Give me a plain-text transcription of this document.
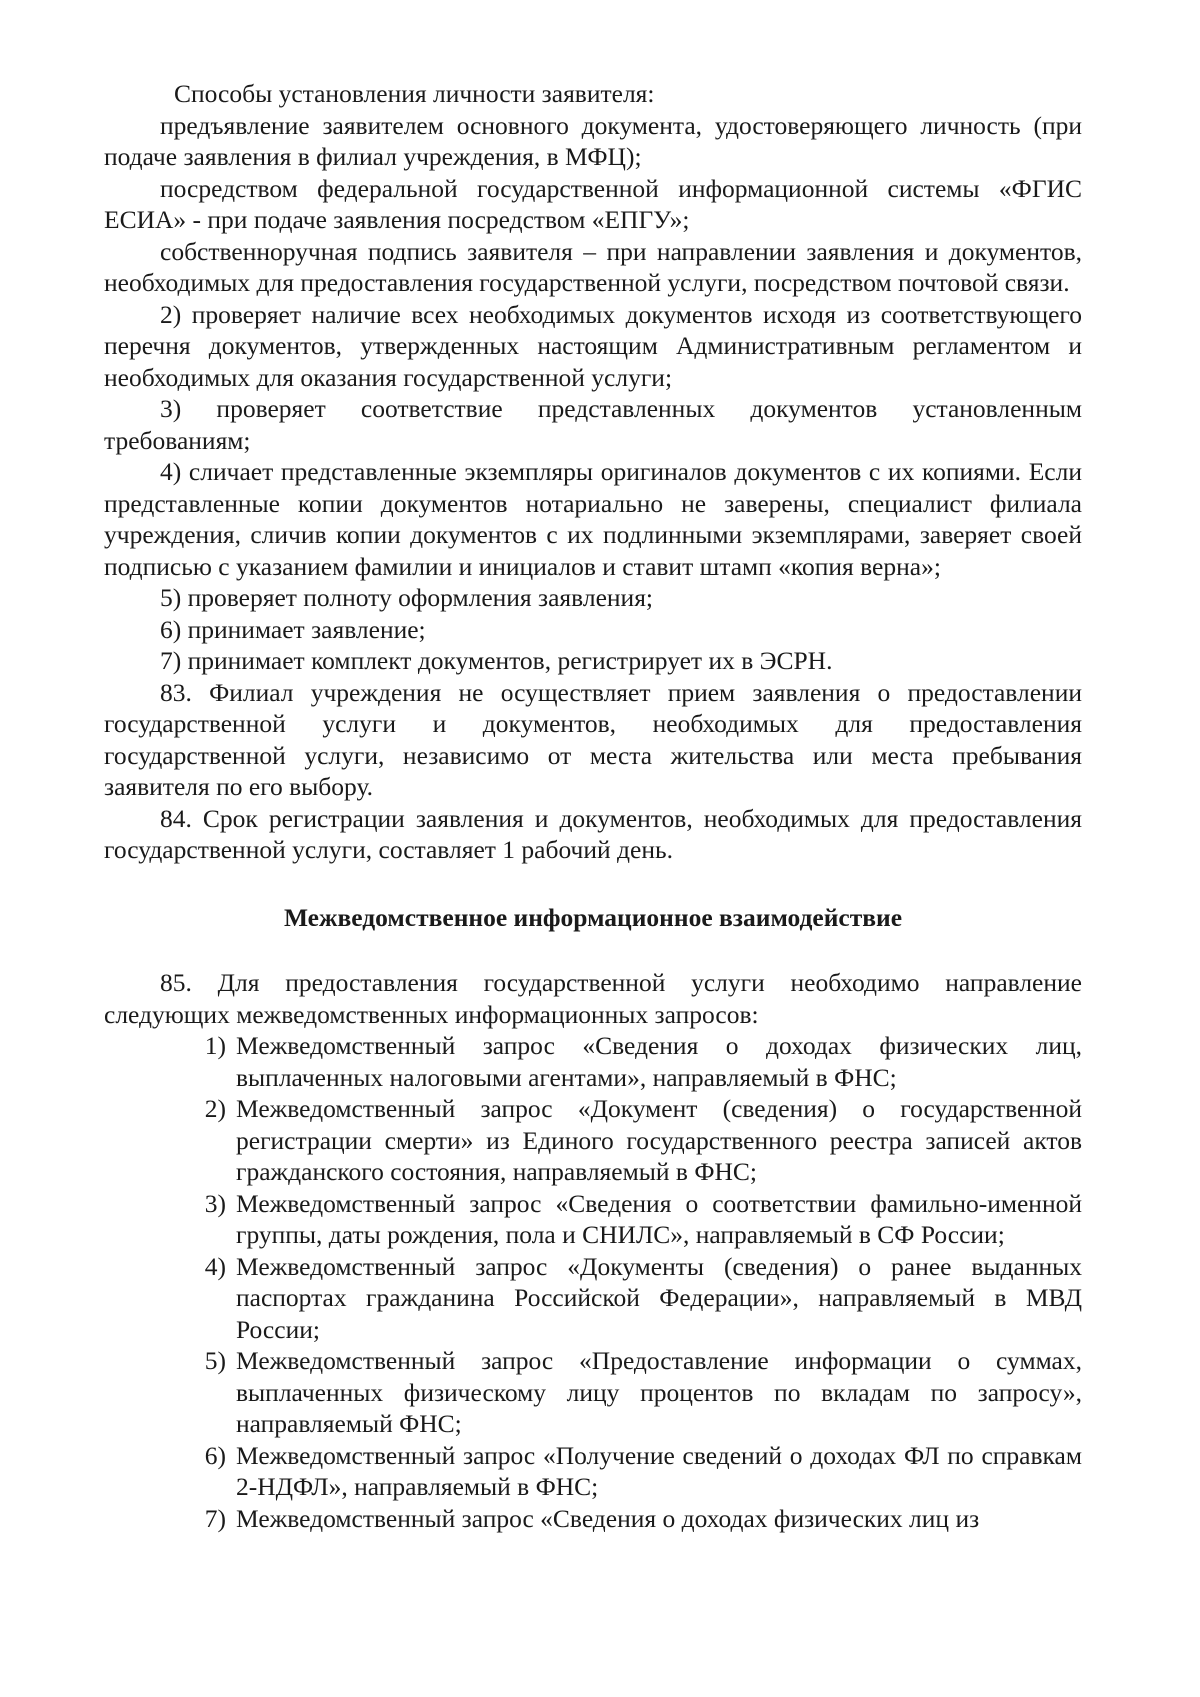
Способы установления личности заявителя:

предъявление заявителем основного документа, удостоверяющего личность (при подаче заявления в филиал учреждения, в МФЦ);

посредством федеральной государственной информационной системы «ФГИС ЕСИА» - при подаче заявления посредством «ЕПГУ»;

собственноручная подпись заявителя – при направлении заявления и документов, необходимых для предоставления государственной услуги, посредством почтовой связи.

2) проверяет наличие всех необходимых документов исходя из соответствующего перечня документов, утвержденных настоящим Административным регламентом и необходимых для оказания государственной услуги;

3) проверяет соответствие представленных документов установленным требованиям;

4) сличает представленные экземпляры оригиналов документов с их копиями. Если представленные копии документов нотариально не заверены, специалист филиала учреждения, сличив копии документов с их подлинными экземплярами, заверяет своей подписью с указанием фамилии и инициалов и ставит штамп «копия верна»;

5) проверяет полноту оформления заявления;

6) принимает заявление;

7) принимает комплект документов, регистрирует их в ЭСРН.

83. Филиал учреждения не осуществляет прием заявления о предоставлении государственной услуги и документов, необходимых для предоставления государственной услуги, независимо от места жительства или места пребывания заявителя по его выбору.

84. Срок регистрации заявления и документов, необходимых для предоставления государственной услуги, составляет 1 рабочий день.

Межведомственное информационное взаимодействие

85. Для предоставления государственной услуги необходимо направление следующих межведомственных информационных запросов:

1) Межведомственный запрос «Сведения о доходах физических лиц, выплаченных налоговыми агентами», направляемый в ФНС;
2) Межведомственный запрос «Документ (сведения) о государственной регистрации смерти» из Единого государственного реестра записей актов гражданского состояния, направляемый в ФНС;
3) Межведомственный запрос «Сведения о соответствии фамильно-именной группы, даты рождения, пола и СНИЛС», направляемый в СФ России;
4) Межведомственный запрос «Документы (сведения) о ранее выданных паспортах гражданина Российской Федерации», направляемый в МВД России;
5) Межведомственный запрос «Предоставление информации о суммах, выплаченных физическому лицу процентов по вкладам по запросу», направляемый ФНС;
6) Межведомственный запрос «Получение сведений о доходах ФЛ по справкам 2-НДФЛ», направляемый в ФНС;
7) Межведомственный запрос «Сведения о доходах физических лиц из
